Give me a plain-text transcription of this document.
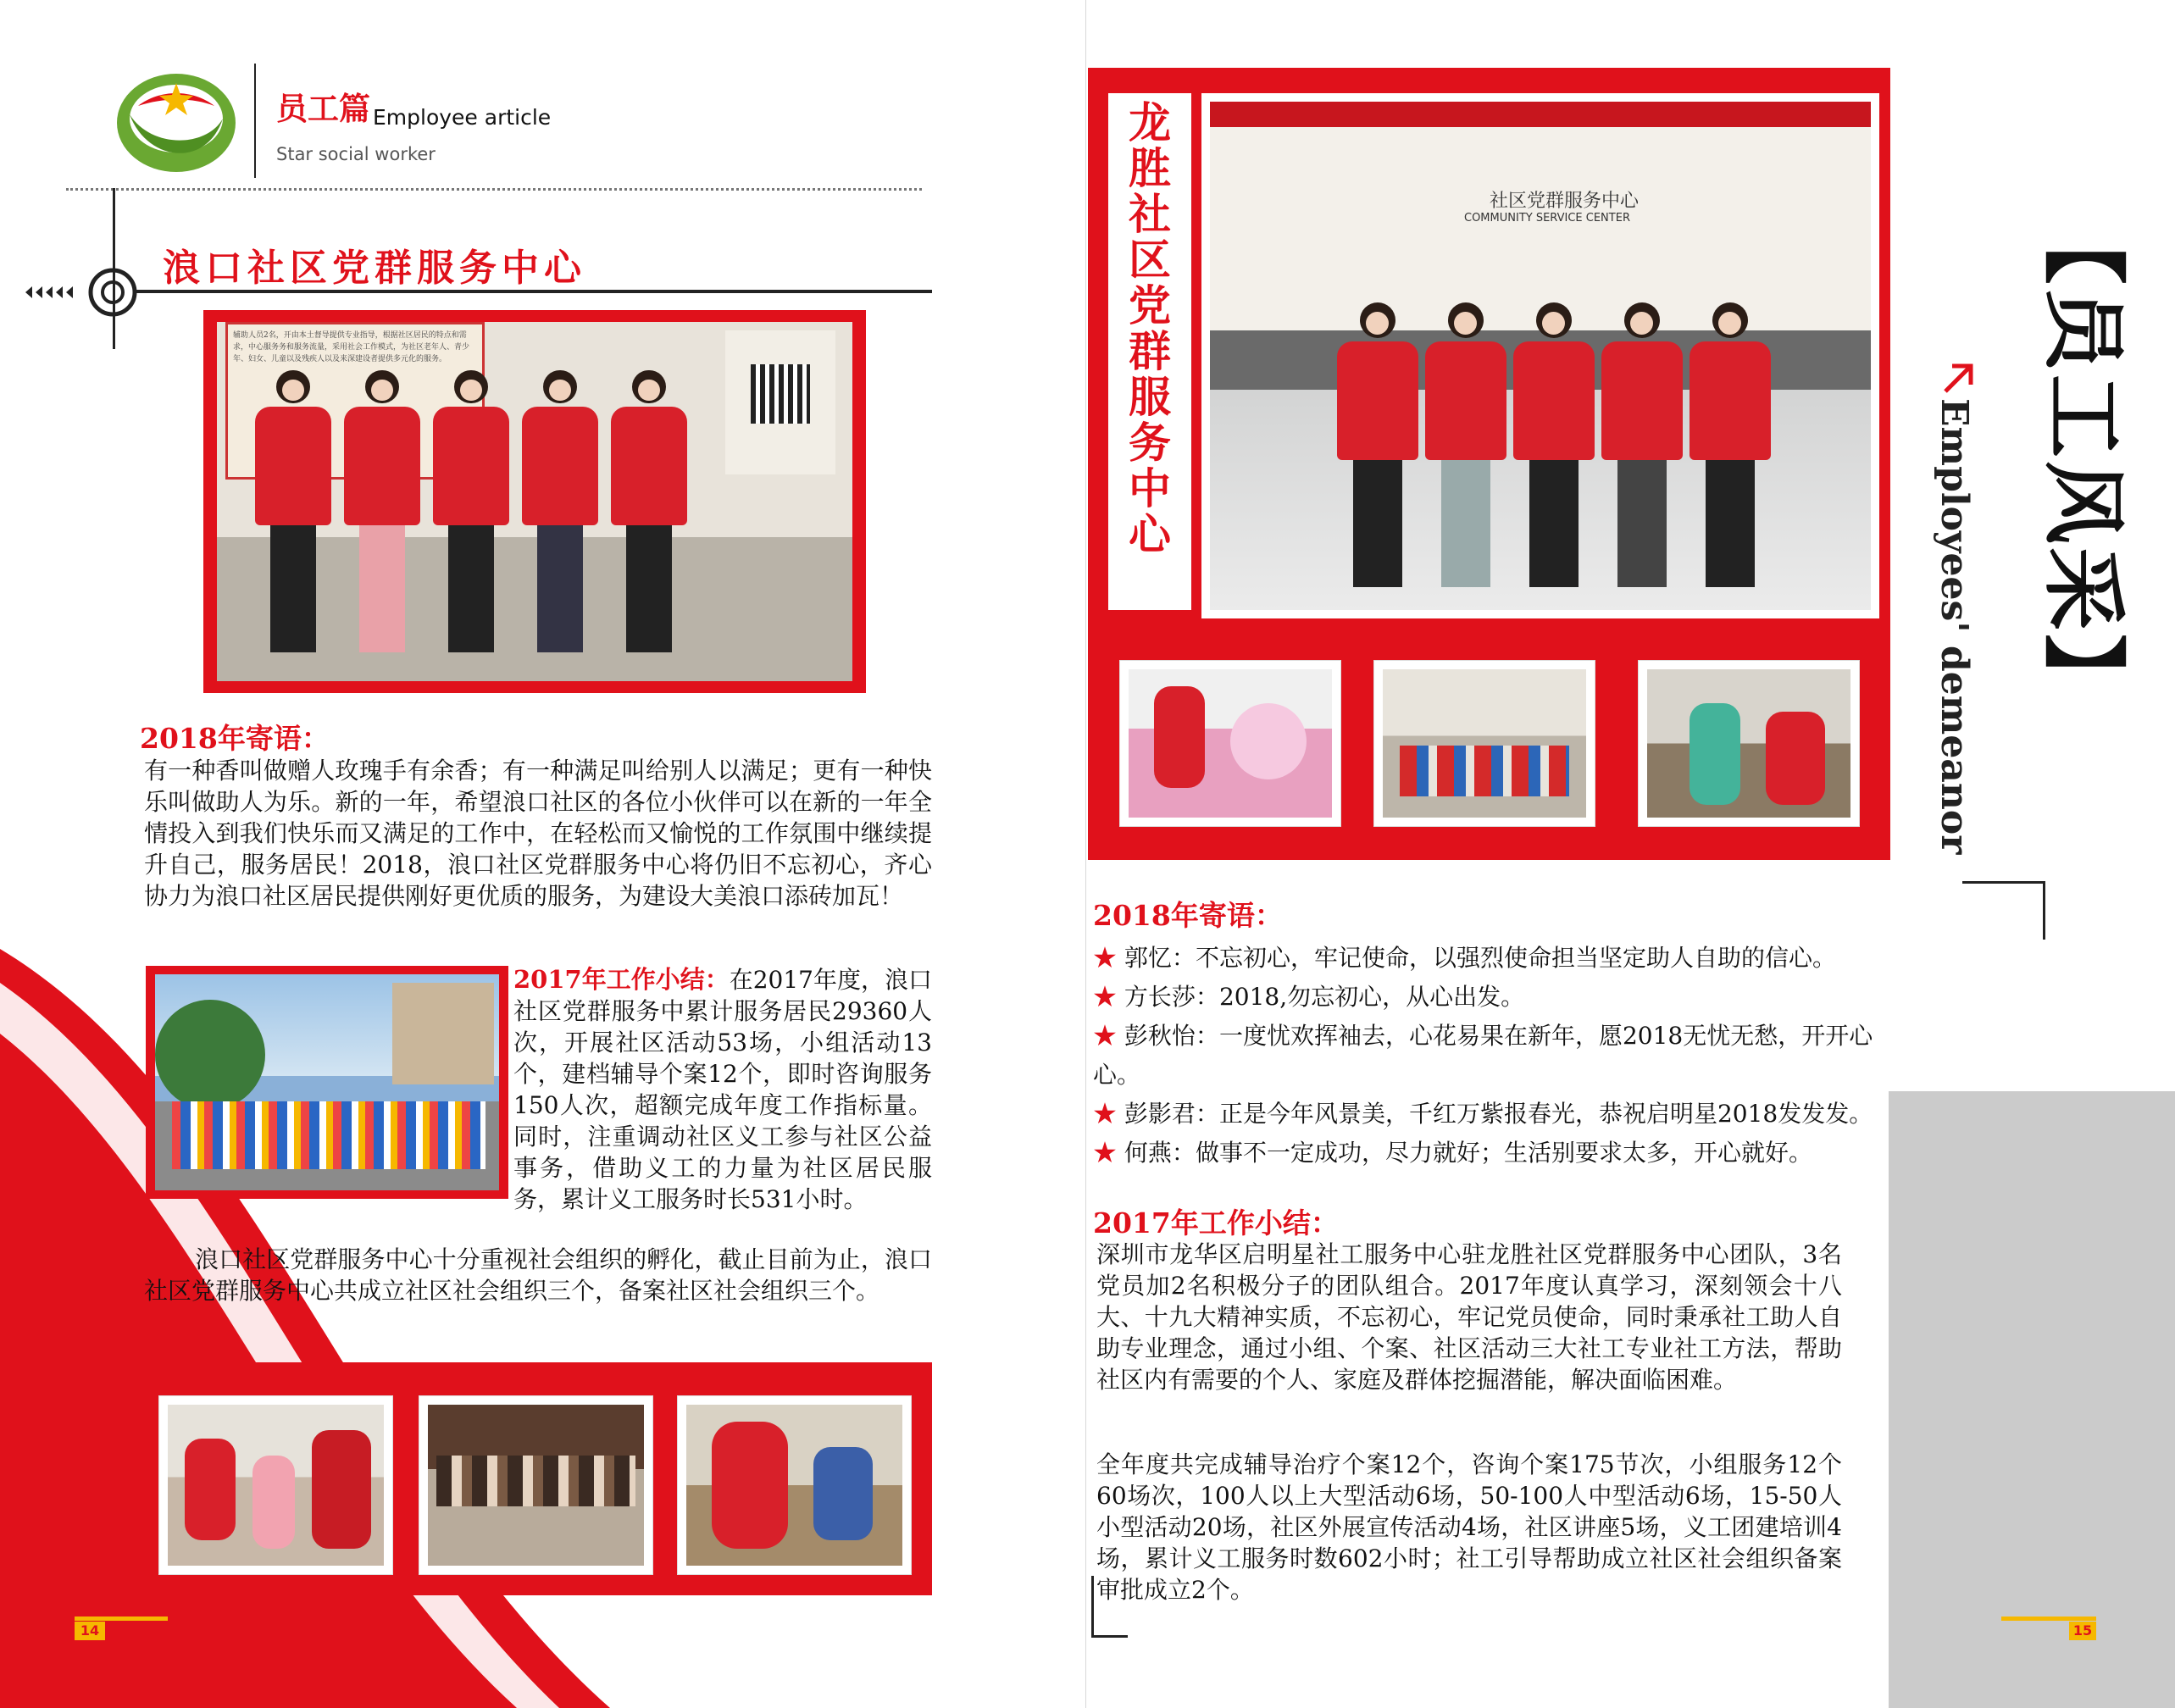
员工篇 Employee article
Star social worker
浪口社区党群服务中心
辅助人员2名，开由本土督导提供专业指导，根据社区居民的特点和需求，中心服务务和服务流量，采用社会工作模式，为社区老年人、青少年、妇女、儿童以及残疾人以及来深建设者提供多元化的服务。
2018年寄语：
有一种香叫做赠人玫瑰手有余香；有一种满足叫给别人以满足；更有一种快乐叫做助人为乐。新的一年，希望浪口社区的各位小伙伴可以在新的一年全情投入到我们快乐而又满足的工作中，在轻松而又愉悦的工作氛围中继续提升自己，服务居民！2018，浪口社区党群服务中心将仍旧不忘初心，齐心协力为浪口社区居民提供刚好更优质的服务，为建设大美浪口添砖加瓦！
2017年工作小结：在2017年度，浪口社区党群服务中累计服务居民29360人次，开展社区活动53场，小组活动13个，建档辅导个案12个，即时咨询服务150人次，超额完成年度工作指标量。同时，注重调动社区义工参与社区公益事务，借助义工的力量为社区居民服务，累计义工服务时长531小时。
浪口社区党群服务中心十分重视社会组织的孵化，截止目前为止，浪口社区党群服务中心共成立社区社会组织三个，备案社区社会组织三个。
14
龙胜社区党群服务中心
社区党群服务中心
COMMUNITY SERVICE CENTER	【员工风采】
Employees' demeanor
2018年寄语：
★ 郭忆：不忘初心，牢记使命，以强烈使命担当坚定助人自助的信心。
★ 方长莎：2018,勿忘初心，从心出发。
★ 彭秋怡：一度忧欢挥袖去，心花易果在新年，愿2018无忧无愁，开开心心。
★ 彭影君：正是今年风景美，千红万紫报春光，恭祝启明星2018发发发。
★ 何燕：做事不一定成功，尽力就好；生活别要求太多，开心就好。
2017年工作小结：
深圳市龙华区启明星社工服务中心驻龙胜社区党群服务中心团队，3名党员加2名积极分子的团队组合。2017年度认真学习，深刻领会十八大、十九大精神实质，不忘初心，牢记党员使命，同时秉承社工助人自助专业理念，通过小组、个案、社区活动三大社工专业社工方法，帮助社区内有需要的个人、家庭及群体挖掘潜能，解决面临困难。
全年度共完成辅导治疗个案12个，咨询个案175节次，小组服务12个60场次，100人以上大型活动6场，50-100人中型活动6场，15-50人小型活动20场，社区外展宣传活动4场，社区讲座5场，义工团建培训4场，累计义工服务时数602小时；社工引导帮助成立社区社会组织备案审批成立2个。
15
